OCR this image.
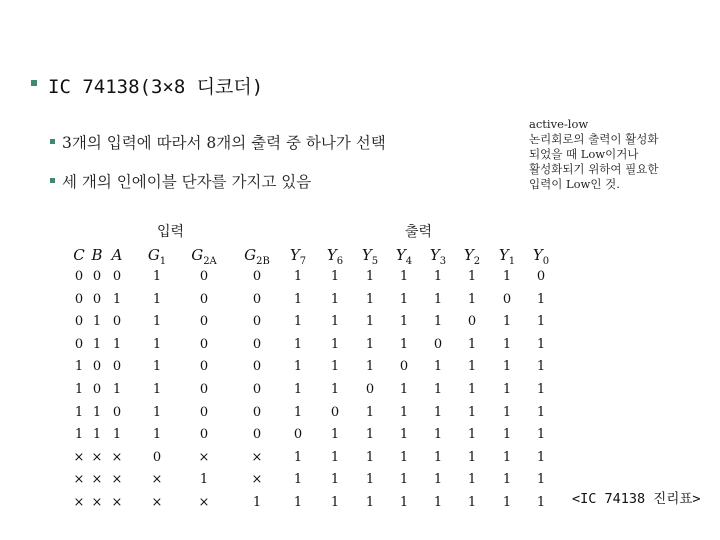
IC 74138(3×8 디코더)
3개의 입력에 따라서 8개의 출력 중 하나가 선택
세 개의 인에이블 단자를 가지고 있음
active-low
논리회로의 출력이 활성화
되었을 때 Low이거나
활성화되기 위하여 필요한
입력이 Low인 것.
입력	출력
C B A $G_1$ $G_{2A}$ $G_{2B}$ $Y_7$ $Y_6$ $Y_5$ $Y_4$ $Y_3$ $Y_2$ $Y_1$ $Y_0$
0 0 0 1	0	0	1 1 1 1 1 1 1 0
0 0 1 1	0	0	1 1 1 1 1 1 0 1
0 1 0 1	0	0	1 1 1 1 1 0 1 1
0 1 1 1	0	0	1 1 1 1 0 1 1 1
1 0 0 1	0	0	1 1 1 0 1 1 1 1
1 0 1 1	0	0	1 1 0 1 1 1 1 1
1 1 0 1	0	0	1 0 1 1 1 1 1 1
1 1 1 1	0	0	0 1 1 1 1 1 1 1
× × × 0	×	× 1 1 1 1 1 1 1 1
× × × ×	1	× 1 1 1 1 1 1 1 1
× × × ×	×	1	1 1 1 1 1 1 1 1 <IC 74138 진리표>
